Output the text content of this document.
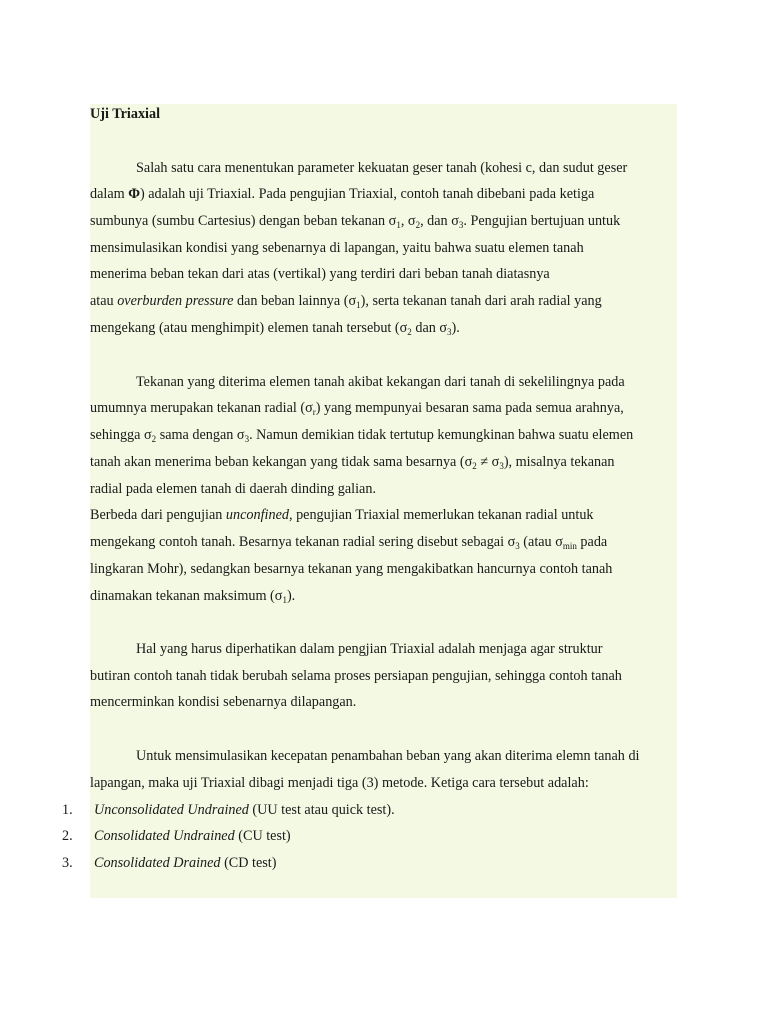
Uji Triaxial
Salah satu cara menentukan parameter kekuatan geser tanah (kohesi c, dan sudut geser
dalam Φ) adalah uji Triaxial. Pada pengujian Triaxial, contoh tanah dibebani pada ketiga
sumbunya (sumbu Cartesius) dengan beban tekanan $\sigma_1$, $\sigma_2$, dan $\sigma_3$. Pengujian bertujuan untuk
mensimulasikan kondisi yang sebenarnya di lapangan, yaitu bahwa suatu elemen tanah
menerima beban tekan dari atas (vertikal) yang terdiri dari beban tanah diatasnya
atau overburden pressure dan beban lainnya $(\sigma_1)$, serta tekanan tanah dari arah radial yang
mengekang (atau menghimpit) elemen tanah tersebut ($\sigma_2$ dan $\sigma_3$).
Tekanan yang diterima elemen tanah akibat kekangan dari tanah di sekelilingnya pada
umumnya merupakan tekanan radial $(\sigma_r)$ yang mempunyai besaran sama pada semua arahnya,
sehingga $\sigma_2$ sama dengan $\sigma_3$. Namun demikian tidak tertutup kemungkinan bahwa suatu elemen
tanah akan menerima beban kekangan yang tidak sama besarnya $(\sigma_2 \ne \sigma_3)$, misalnya tekanan
radial pada elemen tanah di daerah dinding galian.
Berbeda dari pengujian unconfined, pengujian Triaxial memerlukan tekanan radial untuk
mengekang contoh tanah. Besarnya tekanan radial sering disebut sebagai $\sigma_3$ (atau $\sigma_{min}$ pada
lingkaran Mohr), sedangkan besarnya tekanan yang mengakibatkan hancurnya contoh tanah
dinamakan tekanan maksimum $(\sigma_1)$.
Hal yang harus diperhatikan dalam pengjian Triaxial adalah menjaga agar struktur
butiran contoh tanah tidak berubah selama proses persiapan pengujian, sehingga contoh tanah
mencerminkan kondisi sebenarnya dilapangan.
Untuk mensimulasikan kecepatan penambahan beban yang akan diterima elemn tanah di
lapangan, maka uji Triaxial dibagi menjadi tiga (3) metode. Ketiga cara tersebut adalah:
1. Unconsolidated Undrained (UU test atau quick test).
2. Consolidated Undrained (CU test)
3. Consolidated Drained (CD test)
